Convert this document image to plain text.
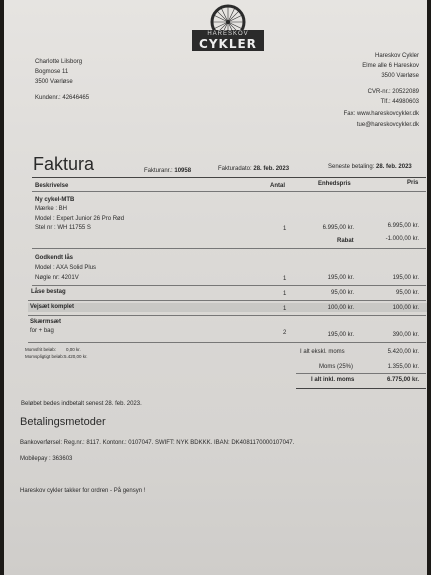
HARESKOV
CYKLER
Charlotte Lilsborg
Bogmose 11
3500 Værløse
Kundenr.: 42646465
Hareskov Cykler
Elme alle 6 Hareskov
3500 Værløse
CVR-nr.: 20522089
Tlf.: 44980603
Fax: www.hareskovcykler.dk
tue@hareskovcykler.dk
Faktura	Fakturanr.: 10958	Fakturadato: 28. feb. 2023	Seneste betaling: 28. feb. 2023
Beskrivelse	Antal	Enhedspris	Pris
Ny cykel-MTB
Mærke : BH
Model : Expert Junior 26 Pro Rød
Stel nr : WH 11755 S	1	6.995,00 kr.	6.995,00 kr.
Rabat	-1.000,00 kr.
Godkendt lås
Model : AXA Solid Plus
Nøgle nr: 4201V	1	195,00 kr.	195,00 kr.
Låse bestag	1	95,00 kr.	95,00 kr.
Vejsæt komplet	1	100,00 kr.	100,00 kr.
Skærmsæt
for + bag	2	195,00 kr.	390,00 kr.
Momsfrit beløb: 0,00 kr.
Momspligtigt beløb:5.420,00 kr.
I alt ekskl. moms	5.420,00 kr.
Moms (25%)	1.355,00 kr.
I alt inkl. moms	6.775,00 kr.
Beløbet bedes indbetalt senest 28. feb. 2023.
Betalingsmetoder
Bankoverførsel: Reg.nr.: 8117. Kontonr.: 0107047. SWIFT: NYK BDKKK. IBAN: DK4081170000107047.
Mobilepay : 363603
Hareskov cykler takker for ordren - På gensyn !
